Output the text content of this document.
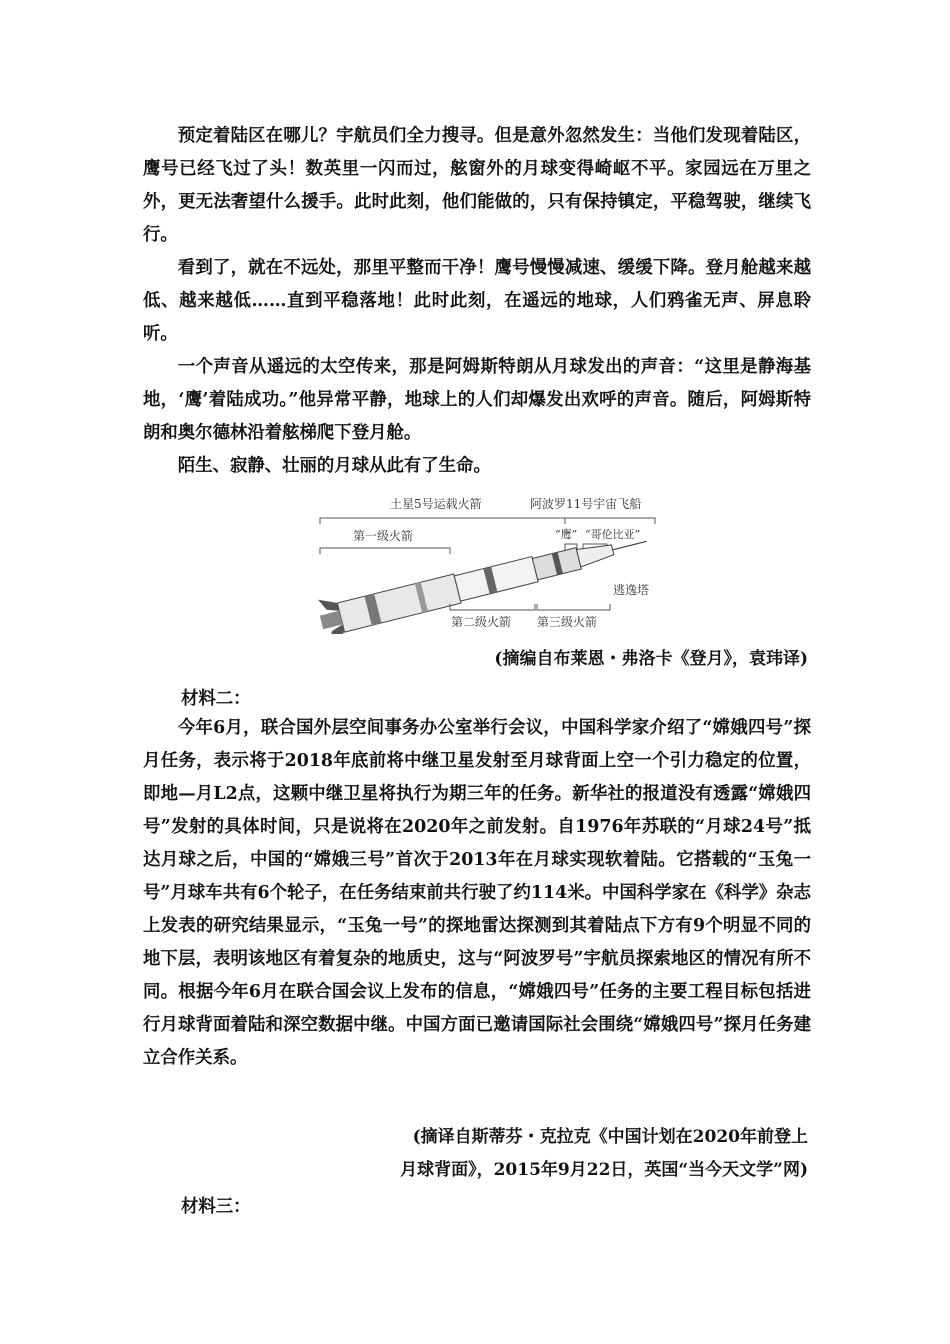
预定着陆区在哪儿？宇航员们全力搜寻。但是意外忽然发生：当他们发现着陆区，鹰号已经飞过了头！数英里一闪而过，舷窗外的月球变得崎岖不平。家园远在万里之外，更无法奢望什么援手。此时此刻，他们能做的，只有保持镇定，平稳驾驶，继续飞行。

看到了，就在不远处，那里平整而干净！鹰号慢慢减速、缓缓下降。登月舱越来越低、越来越低……直到平稳落地！此时此刻，在遥远的地球，人们鸦雀无声、屏息聆听。

一个声音从遥远的太空传来，那是阿姆斯特朗从月球发出的声音：“这里是静海基地，‘鹰’着陆成功。”他异常平静，地球上的人们却爆发出欢呼的声音。随后，阿姆斯特朗和奥尔德林沿着舷梯爬下登月舱。

陌生、寂静、壮丽的月球从此有了生命。

土星5号运载火箭	阿波罗11号宇宙飞船
第一级火箭	“鹰” “哥伦比亚”
逃逸塔
第二级火箭 第三级火箭

(摘编自布莱恩・弗洛卡《登月》，袁玮译)

材料二：

今年6月，联合国外层空间事务办公室举行会议，中国科学家介绍了“嫦娥四号”探月任务，表示将于2018年底前将中继卫星发射至月球背面上空一个引力稳定的位置，即地—月L2点，这颗中继卫星将执行为期三年的任务。新华社的报道没有透露“嫦娥四号”发射的具体时间，只是说将在2020年之前发射。自1976年苏联的“月球24号”抵达月球之后，中国的“嫦娥三号”首次于2013年在月球实现软着陆。它搭载的“玉兔一号”月球车共有6个轮子，在任务结束前共行驶了约114米。中国科学家在《科学》杂志上发表的研究结果显示，“玉兔一号”的探地雷达探测到其着陆点下方有9个明显不同的地下层，表明该地区有着复杂的地质史，这与“阿波罗号”宇航员探索地区的情况有所不同。根据今年6月在联合国会议上发布的信息，“嫦娥四号”任务的主要工程目标包括进行月球背面着陆和深空数据中继。中国方面已邀请国际社会围绕“嫦娥四号”探月任务建立合作关系。

(摘译自斯蒂芬・克拉克《中国计划在2020年前登上

月球背面》，2015年9月22日，英国“当今天文学”网)

材料三：
